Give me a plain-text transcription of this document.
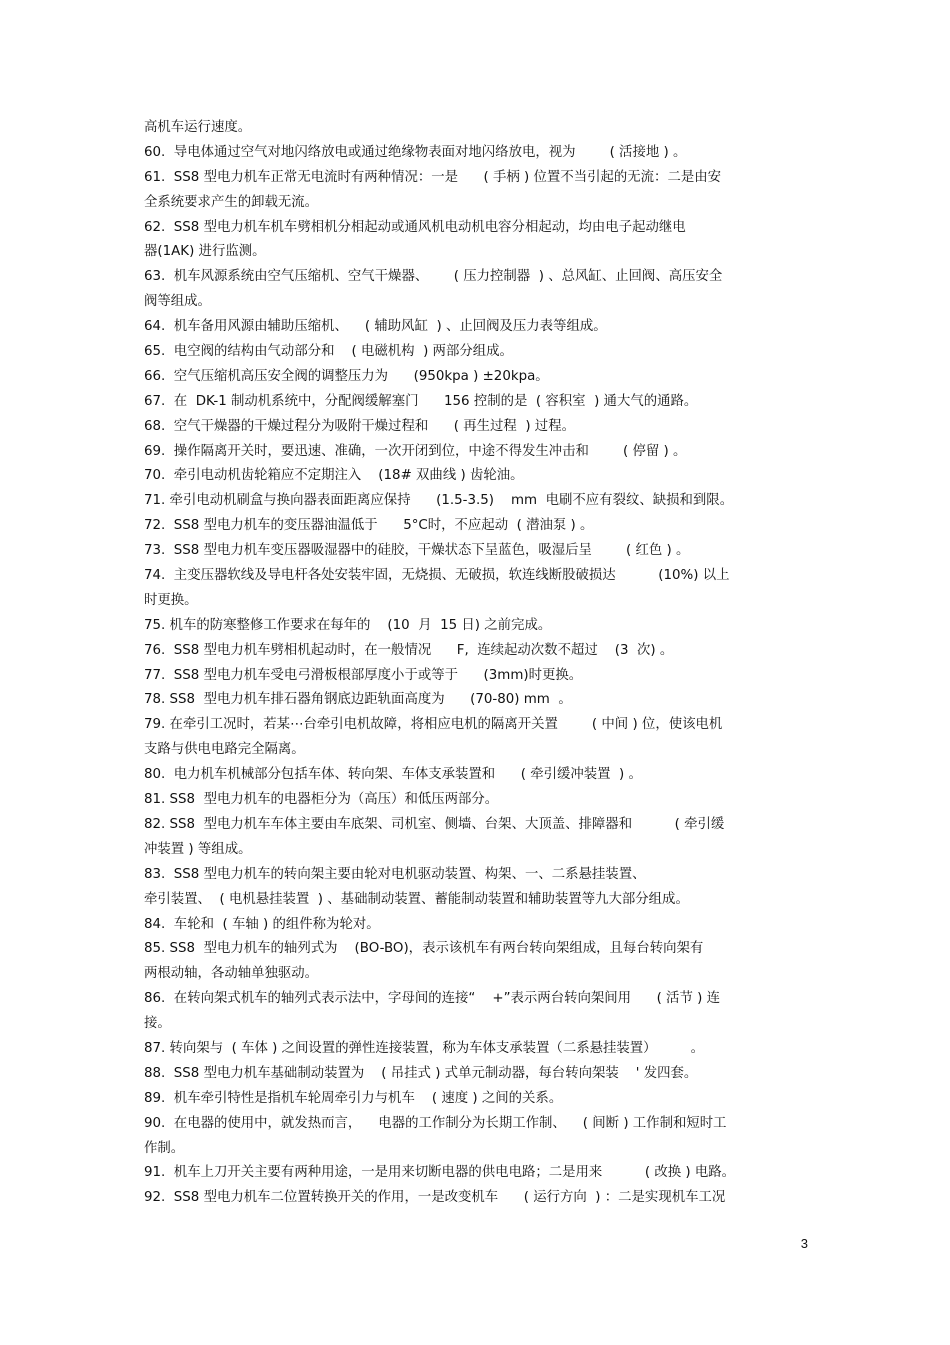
高机车运行速度。
60.  导电体通过空气对地闪络放电或通过绝缘物表面对地闪络放电，视为        ( 活接地 ) 。
61.  SS8 型电力机车正常无电流时有两种情况：一是      ( 手柄 ) 位置不当引起的无流：二是由安
全系统要求产生的卸载无流。
62.  SS8 型电力机车机车劈相机分相起动或通风机电动机电容分相起动，均由电子起动继电
器(1AK) 进行监测。
63.  机车风源系统由空气压缩机、空气干燥器、      ( 压力控制器  ) 、总风缸、止回阀、高压安全
阀等组成。
64.  机车备用风源由辅助压缩机、    ( 辅助风缸  ) 、止回阀及压力表等组成。
65.  电空阀的结构由气动部分和    ( 电磁机构  ) 两部分组成。
66.  空气压缩机高压安全阀的调整压力为      (950kpa ) ±20kpa。
67.  在  DK-1 制动机系统中，分配阀缓解塞门      156 控制的是  ( 容积室  ) 通大气的通路。
68.  空气干燥器的干燥过程分为吸附干燥过程和      ( 再生过程  ) 过程。
69.  操作隔离开关时，要迅速、准确，一次开闭到位，中途不得发生冲击和        ( 停留 ) 。
70.  牵引电动机齿轮箱应不定期注入    (18# 双曲线 ) 齿轮油。
71. 牵引电动机刷盒与换向器表面距离应保持      (1.5-3.5)    mm  电刷不应有裂纹、缺损和到限。
72.  SS8 型电力机车的变压器油温低于      5°C时，不应起动  ( 潜油泵 ) 。
73.  SS8 型电力机车变压器吸湿器中的硅胶，干燥状态下呈蓝色，吸湿后呈        ( 红色 ) 。
74.  主变压器软线及导电杆各处安装牢固，无烧损、无破损，软连线断股破损达          (10%) 以上
时更换。
75. 机车的防寒整修工作要求在每年的    (10  月  15 日) 之前完成。
76.  SS8 型电力机车劈相机起动时，在一般情况      F,  连续起动次数不超过    (3  次) 。
77.  SS8 型电力机车受电弓滑板根部厚度小于或等于      (3mm)时更换。
78. SS8  型电力机车排石器角钢底边距轨面高度为      (70-80) mm  。
79. 在牵引工况时，若某⋯台牵引电机故障，将相应电机的隔离开关置        ( 中间 ) 位，使该电机
支路与供电电路完全隔离。
80.  电力机车机械部分包括车体、转向架、车体支承装置和      ( 牵引缓冲装置  ) 。
81. SS8  型电力机车的电器柜分为（高压）和低压两部分。
82. SS8  型电力机车车体主要由车底架、司机室、侧墙、台架、大顶盖、排障器和          ( 牵引缓
冲装置 ) 等组成。
83.  SS8 型电力机车的转向架主要由轮对电机驱动装置、构架、一、二系悬挂装置、
牵引装置、  ( 电机悬挂装置  ) 、基础制动装置、蓄能制动装置和辅助装置等九大部分组成。
84.  车轮和  ( 车轴 ) 的组件称为轮对。
85. SS8  型电力机车的轴列式为    (BO-BO)，表示该机车有两台转向架组成，且每台转向架有
两根动轴，各动轴单独驱动。
86.  在转向架式机车的轴列式表示法中，字母间的连接“    +”表示两台转向架间用      ( 活节 ) 连
接。
87. 转向架与  ( 车体 ) 之间设置的弹性连接装置，称为车体支承装置（二系悬挂装置）        。
88.  SS8 型电力机车基础制动装置为    ( 吊挂式 ) 式单元制动器，每台转向架装    ' 发四套。
89.  机车牵引特性是指机车轮周牵引力与机车    ( 速度 ) 之间的关系。
90.  在电器的使用中，就发热而言，    电器的工作制分为长期工作制、    ( 间断 ) 工作制和短时工
作制。
91.  机车上刀开关主要有两种用途，一是用来切断电器的供电电路；二是用来          ( 改换 ) 电路。
92.  SS8 型电力机车二位置转换开关的作用，一是改变机车      ( 运行方向  ) ：二是实现机车工况
3
